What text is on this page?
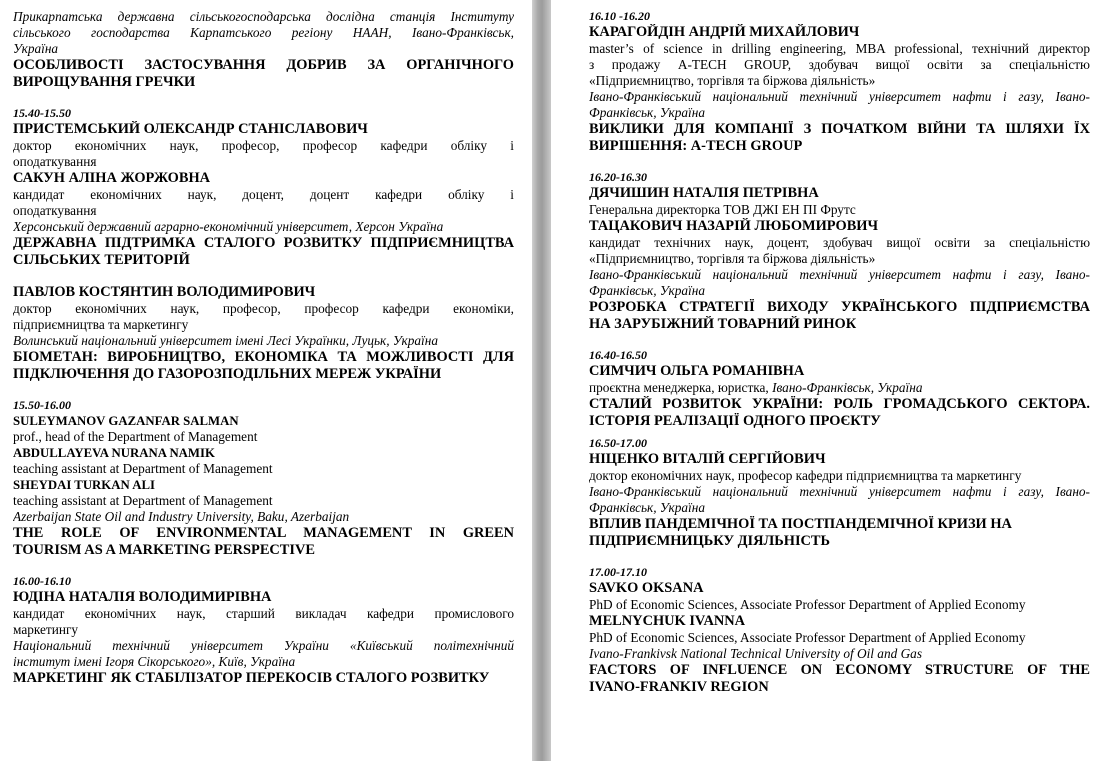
Прикарпатська державна сільськогосподарська дослідна станція Інституту
сільського господарства Карпатського регіону НААН, Івано-Франківськ,
Україна
ОСОБЛИВОСТІ ЗАСТОСУВАННЯ ДОБРИВ ЗА ОРГАНІЧНОГО
ВИРОЩУВАННЯ ГРЕЧКИ
15.40-15.50
ПРИСТЕМСЬКИЙ ОЛЕКСАНДР СТАНІСЛАВОВИЧ
доктор економічних наук, професор, професор кафедри обліку і
оподаткування
САКУН АЛІНА ЖОРЖОВНА
кандидат економічних наук, доцент, доцент кафедри обліку і
оподаткування
Херсонський державний аграрно-економічний університет, Херсон Україна
ДЕРЖАВНА ПІДТРИМКА СТАЛОГО РОЗВИТКУ ПІДПРИЄМНИЦТВА
СІЛЬСЬКИХ ТЕРИТОРІЙ
ПАВЛОВ КОСТЯНТИН ВОЛОДИМИРОВИЧ
доктор економічних наук, професор, професор кафедри економіки,
підприємництва та маркетингу
Волинський національний університет імені Лесі Українки, Луцьк, Україна
БІОМЕТАН: ВИРОБНИЦТВО, ЕКОНОМІКА ТА МОЖЛИВОСТІ ДЛЯ
ПІДКЛЮЧЕННЯ ДО ГАЗОРОЗПОДІЛЬНИХ МЕРЕЖ УКРАЇНИ
15.50-16.00
SULEYMANOV GAZANFAR SALMAN
prof., head of the Department of Management
ABDULLAYEVA NURANA NAMIK
teaching assistant at Department of Management
SHEYDAI TURKAN ALI
teaching assistant at Department of Management
Azerbaijan State Oil and Industry University, Baku, Azerbaijan
THE ROLE OF ENVIRONMENTAL MANAGEMENT IN GREEN
TOURISM AS A MARKETING PERSPECTIVE
16.00-16.10
ЮДІНА НАТАЛІЯ ВОЛОДИМИРІВНА
кандидат економічних наук, старший викладач кафедри промислового
маркетингу
Національний технічний університет України «Київський політехнічний
інститут імені Ігоря Сікорського», Київ, Україна
МАРКЕТИНГ ЯК СТАБІЛІЗАТОР ПЕРЕКОСІВ СТАЛОГО РОЗВИТКУ
16.10 -16.20
КАРАГОЙДІН АНДРІЙ МИХАЙЛОВИЧ
master’s of science in drilling engineering, MBA professional, технічний директор
з продажу A-TECH GROUP, здобувач вищої освіти за спеціальністю
«Підприємництво, торгівля та біржова діяльність»
Івано-Франківський національний технічний університет нафти і газу, Івано-
Франківськ, Україна
ВИКЛИКИ ДЛЯ КОМПАНІЇ З ПОЧАТКОМ ВІЙНИ ТА ШЛЯХИ ЇХ
ВИРІШЕННЯ: A-TECH GROUP
16.20-16.30
ДЯЧИШИН НАТАЛІЯ ПЕТРІВНА
Генеральна директорка ТОВ ДЖІ ЕН ПІ Фрутс
ТАЦАКОВИЧ НАЗАРІЙ ЛЮБОМИРОВИЧ
кандидат технічних наук, доцент, здобувач вищої освіти за спеціальністю
«Підприємництво, торгівля та біржова діяльність»
Івано-Франківський національний технічний університет нафти і газу, Івано-
Франківськ, Україна
РОЗРОБКА СТРАТЕГІЇ ВИХОДУ УКРАЇНСЬКОГО ПІДПРИЄМСТВА
НА ЗАРУБІЖНИЙ ТОВАРНИЙ РИНОК
16.40-16.50
СИМЧИЧ ОЛЬГА РОМАНІВНА
проєктна менеджерка, юристка, Івано-Франківськ, Україна
СТАЛИЙ РОЗВИТОК УКРАЇНИ: РОЛЬ ГРОМАДСЬКОГО СЕКТОРА.
ІСТОРІЯ РЕАЛІЗАЦІЇ ОДНОГО ПРОЄКТУ
16.50-17.00
НІЦЕНКО ВІТАЛІЙ СЕРГІЙОВИЧ
доктор економічних наук, професор кафедри підприємництва та маркетингу
Івано-Франківський національний технічний університет нафти і газу, Івано-
Франківськ, Україна
ВПЛИВ ПАНДЕМІЧНОЇ ТА ПОСТПАНДЕМІЧНОЇ КРИЗИ НА
ПІДПРИЄМНИЦЬКУ ДІЯЛЬНІСТЬ
17.00-17.10
SAVKO OKSANA
PhD of Economic Sciences, Associate Professor Department of Applied Economy
MELNYCHUK IVANNA
PhD of Economic Sciences, Associate Professor Department of Applied Economy
Ivano-Frankivsk National Technical University of Oil and Gas
FACTORS OF INFLUENCE ON ECONOMY STRUCTURE OF THE
IVANO-FRANKIV REGION
